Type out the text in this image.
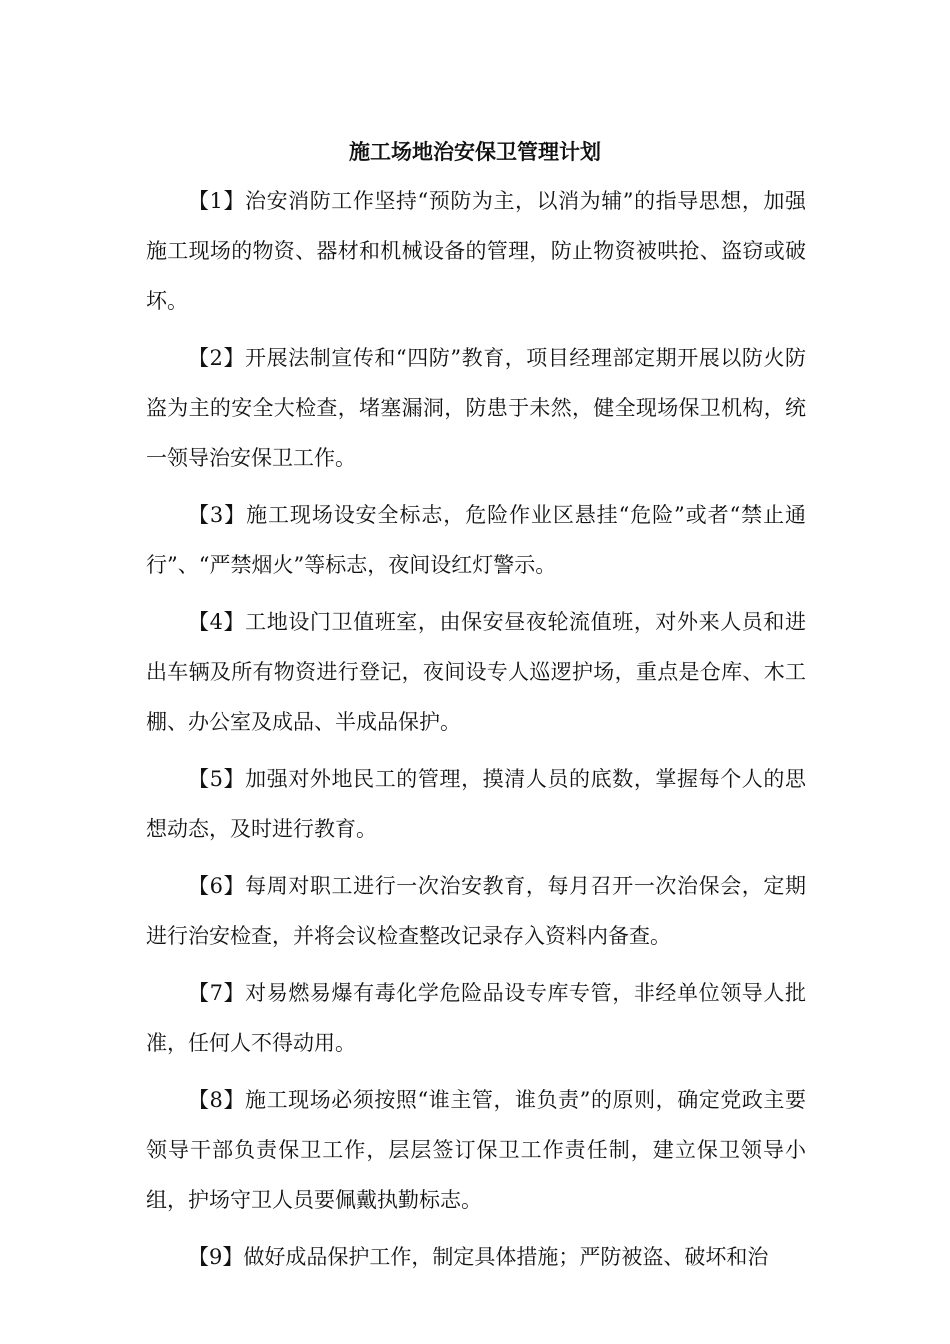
施工场地治安保卫管理计划

【1】治安消防工作坚持“预防为主，以消为辅”的指导思想，加强施工现场的物资、器材和机械设备的管理，防止物资被哄抢、盗窃或破坏。

【2】开展法制宣传和“四防”教育，项目经理部定期开展以防火防盗为主的安全大检查，堵塞漏洞，防患于未然，健全现场保卫机构，统一领导治安保卫工作。

【3】施工现场设安全标志，危险作业区悬挂“危险”或者“禁止通行”、“严禁烟火”等标志，夜间设红灯警示。

【4】工地设门卫值班室，由保安昼夜轮流值班，对外来人员和进出车辆及所有物资进行登记，夜间设专人巡逻护场，重点是仓库、木工棚、办公室及成品、半成品保护。

【5】加强对外地民工的管理，摸清人员的底数，掌握每个人的思想动态，及时进行教育。

【6】每周对职工进行一次治安教育，每月召开一次治保会，定期进行治安检查，并将会议检查整改记录存入资料内备查。

【7】对易燃易爆有毒化学危险品设专库专管，非经单位领导人批准，任何人不得动用。

【8】施工现场必须按照“谁主管，谁负责”的原则，确定党政主要领导干部负责保卫工作，层层签订保卫工作责任制，建立保卫领导小组，护场守卫人员要佩戴执勤标志。

【9】做好成品保护工作，制定具体措施；严防被盗、破坏和治
